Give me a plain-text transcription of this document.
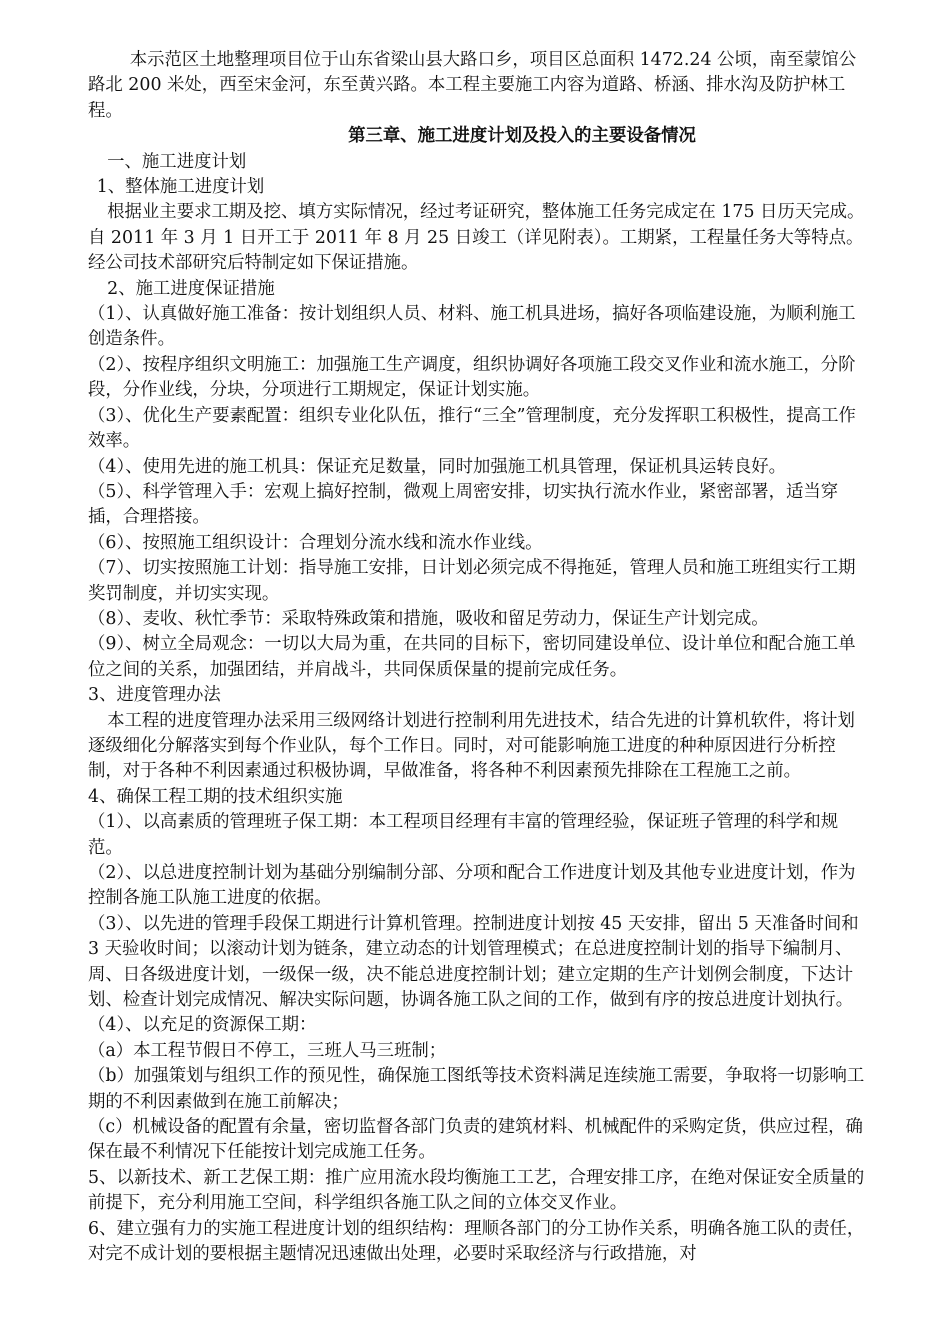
本示范区土地整理项目位于山东省梁山县大路口乡，项目区总面积 1472.24 公顷，南至蒙馆公路北 200 米处，西至宋金河，东至黄兴路。本工程主要施工内容为道路、桥涵、排水沟及防护林工程。

第三章、施工进度计划及投入的主要设备情况

一、施工进度计划

1、整体施工进度计划

根据业主要求工期及挖、填方实际情况，经过考证研究，整体施工任务完成定在 175 日历天完成。自 2011 年 3 月 1 日开工于 2011 年 8 月 25 日竣工（详见附表）。工期紧，工程量任务大等特点。经公司技术部研究后特制定如下保证措施。

2、施工进度保证措施

（1）、认真做好施工准备：按计划组织人员、材料、施工机具进场，搞好各项临建设施，为顺利施工创造条件。

（2）、按程序组织文明施工：加强施工生产调度，组织协调好各项施工段交叉作业和流水施工，分阶段，分作业线，分块，分项进行工期规定，保证计划实施。

（3）、优化生产要素配置：组织专业化队伍，推行“三全”管理制度，充分发挥职工积极性，提高工作效率。

（4）、使用先进的施工机具：保证充足数量，同时加强施工机具管理，保证机具运转良好。

（5）、科学管理入手：宏观上搞好控制，微观上周密安排，切实执行流水作业，紧密部署，适当穿插，合理搭接。

（6）、按照施工组织设计：合理划分流水线和流水作业线。

（7）、切实按照施工计划：指导施工安排，日计划必须完成不得拖延，管理人员和施工班组实行工期奖罚制度，并切实实现。

（8）、麦收、秋忙季节：采取特殊政策和措施，吸收和留足劳动力，保证生产计划完成。

（9）、树立全局观念：一切以大局为重，在共同的目标下，密切同建设单位、设计单位和配合施工单位之间的关系，加强团结，并肩战斗，共同保质保量的提前完成任务。

3、进度管理办法

本工程的进度管理办法采用三级网络计划进行控制利用先进技术，结合先进的计算机软件，将计划逐级细化分解落实到每个作业队，每个工作日。同时，对可能影响施工进度的种种原因进行分析控制，对于各种不利因素通过积极协调，早做准备，将各种不利因素预先排除在工程施工之前。

4、确保工程工期的技术组织实施

（1）、以高素质的管理班子保工期：本工程项目经理有丰富的管理经验，保证班子管理的科学和规范。

（2）、以总进度控制计划为基础分别编制分部、分项和配合工作进度计划及其他专业进度计划，作为控制各施工队施工进度的依据。

（3）、以先进的管理手段保工期进行计算机管理。控制进度计划按 45 天安排，留出 5 天准备时间和 3 天验收时间；以滚动计划为链条，建立动态的计划管理模式；在总进度控制计划的指导下编制月、周、日各级进度计划，一级保一级，决不能总进度控制计划；建立定期的生产计划例会制度，下达计划、检查计划完成情况、解决实际问题，协调各施工队之间的工作，做到有序的按总进度计划执行。

（4）、以充足的资源保工期：

（a）本工程节假日不停工，三班人马三班制；

（b）加强策划与组织工作的预见性，确保施工图纸等技术资料满足连续施工需要，争取将一切影响工期的不利因素做到在施工前解决；

（c）机械设备的配置有余量，密切监督各部门负责的建筑材料、机械配件的采购定货，供应过程，确保在最不利情况下任能按计划完成施工任务。

5、以新技术、新工艺保工期：推广应用流水段均衡施工工艺，合理安排工序，在绝对保证安全质量的前提下，充分利用施工空间，科学组织各施工队之间的立体交叉作业。

6、建立强有力的实施工程进度计划的组织结构：理顺各部门的分工协作关系，明确各施工队的责任，对完不成计划的要根据主题情况迅速做出处理，必要时采取经济与行政措施，对
